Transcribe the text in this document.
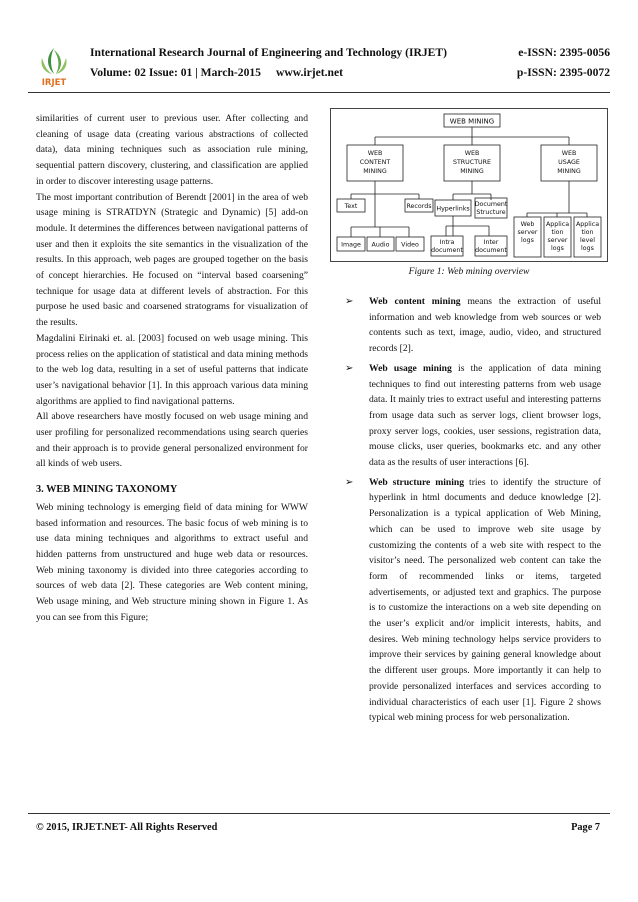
IRJET
International Research Journal of Engineering and Technology (IRJET)	e-ISSN: 2395-0056
Volume: 02 Issue: 01 | March-2015 www.irjet.net	p-ISSN: 2395-0072

similarities of current user to previous user. After collecting and cleaning of usage data (creating various abstractions of collected data), data mining techniques such as association rule mining, sequential pattern discovery, clustering, and classification are applied in order to discover interesting usage patterns.

The most important contribution of Berendt [2001] in the area of web usage mining is STRATDYN (Strategic and Dynamic) [5] add-on module. It determines the differences between navigational patterns of user and then it exploits the site semantics in the visualization of the results. In this approach, web pages are grouped together on the basis of concept hierarchies. He focused on “interval based coarsening” technique for usage data at different levels of abstraction. For this purpose he used basic and coarsened stratograms for visualization of the results.

Magdalini Eirinaki et. al. [2003] focused on web usage mining. This process relies on the application of statistical and data mining methods to the web log data, resulting in a set of useful patterns that indicate user’s navigational behavior [1]. In this approach various data mining algorithms are applied to find navigational patterns.

All above researchers have mostly focused on web usage mining and user profiling for personalized recommendations using search queries and their approach is to provide general personalized environment for all kinds of web users.

3. WEB MINING TAXONOMY

Web mining technology is emerging field of data mining for WWW based information and resources. The basic focus of web mining is to use data mining techniques and algorithms to extract useful and hidden patterns from unstructured and huge web data or resources. Web mining taxonomy is divided into three categories according to sources of web data [2]. These categories are Web content mining, Web usage mining, and Web structure mining shown in Figure 1. As you can see from this Figure;

WEB MINING
WEB
CONTENT
MINING
WEB
STRUCTURE
MINING
WEB
USAGE
MINING
Text	Records
Image Audio Video
Hyperlinks
Document
Structure
Intra
document
Inter
document
Web
server
logs
Applica
tion
server
logs
Applica
tion
level
logs
Figure 1: Web mining overview
➢ Web content mining means the extraction of useful information and web knowledge from web sources or web contents such as text, image, audio, video, and structured records [2].
➢ Web usage mining is the application of data mining techniques to find out interesting patterns from web usage data. It mainly tries to extract useful and interesting patterns from usage data such as server logs, client browser logs, proxy server logs, cookies, user sessions, registration data, mouse clicks, user queries, bookmarks etc. and any other data as the results of user interactions [6].
➢ Web structure mining tries to identify the structure of hyperlink in html documents and deduce knowledge [2]. Personalization is a typical application of Web Mining, which can be used to improve web site usage by customizing the contents of a web site with respect to the visitor’s need. The personalized web content can take the form of recommended links or items, targeted advertisements, or adjusted text and graphics. The purpose is to customize the interactions on a web site depending on the user’s explicit and/or implicit interests, habits, and desires. Web mining technology helps service providers to improve their services by gaining general knowledge about the different user groups. More importantly it can help to provide personalized interfaces and services according to individual characteristics of each user [1]. Figure 2 shows typical web mining process for web personalization.
© 2015, IRJET.NET- All Rights Reserved	Page 7
